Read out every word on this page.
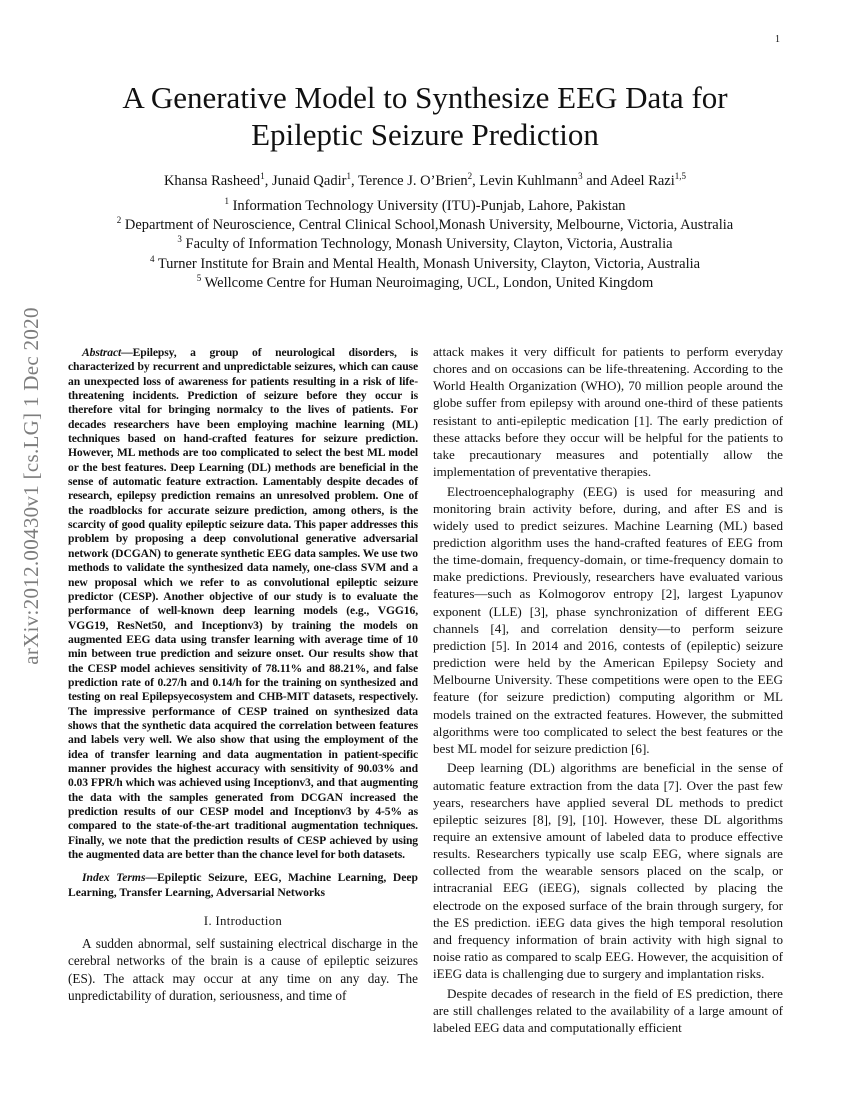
1
arXiv:2012.00430v1 [cs.LG] 1 Dec 2020
A Generative Model to Synthesize EEG Data for
Epileptic Seizure Prediction
Khansa Rasheed$^1$, Junaid Qadir$^1$, Terence J. O’Brien$^2$, Levin Kuhlmann$^3$ and Adeel Razi$^{1,5}$
$^1$ Information Technology University (ITU)-Punjab, Lahore, Pakistan
$^2$ Department of Neuroscience, Central Clinical School,Monash University, Melbourne, Victoria, Australia
$^3$ Faculty of Information Technology, Monash University, Clayton, Victoria, Australia
$^4$ Turner Institute for Brain and Mental Health, Monash University, Clayton, Victoria, Australia
$^5$ Wellcome Centre for Human Neuroimaging, UCL, London, United Kingdom

Abstract—Epilepsy, a group of neurological disorders, is characterized by recurrent and unpredictable seizures, which can cause an unexpected loss of awareness for patients resulting in a risk of life-threatening incidents. Prediction of seizure before they occur is therefore vital for bringing normalcy to the lives of patients. For decades researchers have been employing machine learning (ML) techniques based on hand-crafted features for seizure prediction. However, ML methods are too complicated to select the best ML model or the best features. Deep Learning (DL) methods are beneficial in the sense of automatic feature extraction. Lamentably despite decades of research, epilepsy prediction remains an unresolved problem. One of the roadblocks for accurate seizure prediction, among others, is the scarcity of good quality epileptic seizure data. This paper addresses this problem by proposing a deep convolutional generative adversarial network (DCGAN) to generate synthetic EEG data samples. We use two methods to validate the synthesized data namely, one-class SVM and a new proposal which we refer to as convolutional epileptic seizure predictor (CESP). Another objective of our study is to evaluate the performance of well-known deep learning models (e.g., VGG16, VGG19, ResNet50, and Inceptionv3) by training the models on augmented EEG data using transfer learning with average time of 10 min between true prediction and seizure onset. Our results show that the CESP model achieves sensitivity of 78.11% and 88.21%, and false prediction rate of 0.27/h and 0.14/h for the training on synthesized and testing on real Epilepsyecosystem and CHB-MIT datasets, respectively. The impressive performance of CESP trained on synthesized data shows that the synthetic data acquired the correlation between features and labels very well. We also show that using the employment of the idea of transfer learning and data augmentation in patient-specific manner provides the highest accuracy with sensitivity of 90.03% and 0.03 FPR/h which was achieved using Inceptionv3, and that augmenting the data with the samples generated from DCGAN increased the prediction results of our CESP model and Inceptionv3 by 4-5% as compared to the state-of-the-art traditional augmentation techniques. Finally, we note that the prediction results of CESP achieved by using the augmented data are better than the chance level for both datasets.

Index Terms—Epileptic Seizure, EEG, Machine Learning, Deep Learning, Transfer Learning, Adversarial Networks

I. Introduction

A sudden abnormal, self sustaining electrical discharge in the cerebral networks of the brain is a cause of epileptic seizures (ES). The attack may occur at any time on any day. The unpredictability of duration, seriousness, and time of

attack makes it very difficult for patients to perform everyday chores and on occasions can be life-threatening. According to the World Health Organization (WHO), 70 million people around the globe suffer from epilepsy with around one-third of these patients resistant to anti-epileptic medication [1]. The early prediction of these attacks before they occur will be helpful for the patients to take precautionary measures and potentially allow the implementation of preventative therapies.

Electroencephalography (EEG) is used for measuring and monitoring brain activity before, during, and after ES and is widely used to predict seizures. Machine Learning (ML) based prediction algorithm uses the hand-crafted features of EEG from the time-domain, frequency-domain, or time-frequency domain to make predictions. Previously, researchers have evaluated various features—such as Kolmogorov entropy [2], largest Lyapunov exponent (LLE) [3], phase synchronization of different EEG channels [4], and correlation density—to perform seizure prediction [5]. In 2014 and 2016, contests of (epileptic) seizure prediction were held by the American Epilepsy Society and Melbourne University. These competitions were open to the EEG feature (for seizure prediction) computing algorithm or ML models trained on the extracted features. However, the submitted algorithms were too complicated to select the best features or the best ML model for seizure prediction [6].

Deep learning (DL) algorithms are beneficial in the sense of automatic feature extraction from the data [7]. Over the past few years, researchers have applied several DL methods to predict epileptic seizures [8], [9], [10]. However, these DL algorithms require an extensive amount of labeled data to produce effective results. Researchers typically use scalp EEG, where signals are collected from the wearable sensors placed on the scalp, or intracranial EEG (iEEG), signals collected by placing the electrode on the exposed surface of the brain through surgery, for the ES prediction. iEEG data gives the high temporal resolution and frequency information of brain activity with high signal to noise ratio as compared to scalp EEG. However, the acquisition of iEEG data is challenging due to surgery and implantation risks.

Despite decades of research in the field of ES prediction, there are still challenges related to the availability of a large amount of labeled EEG data and computationally efficient
